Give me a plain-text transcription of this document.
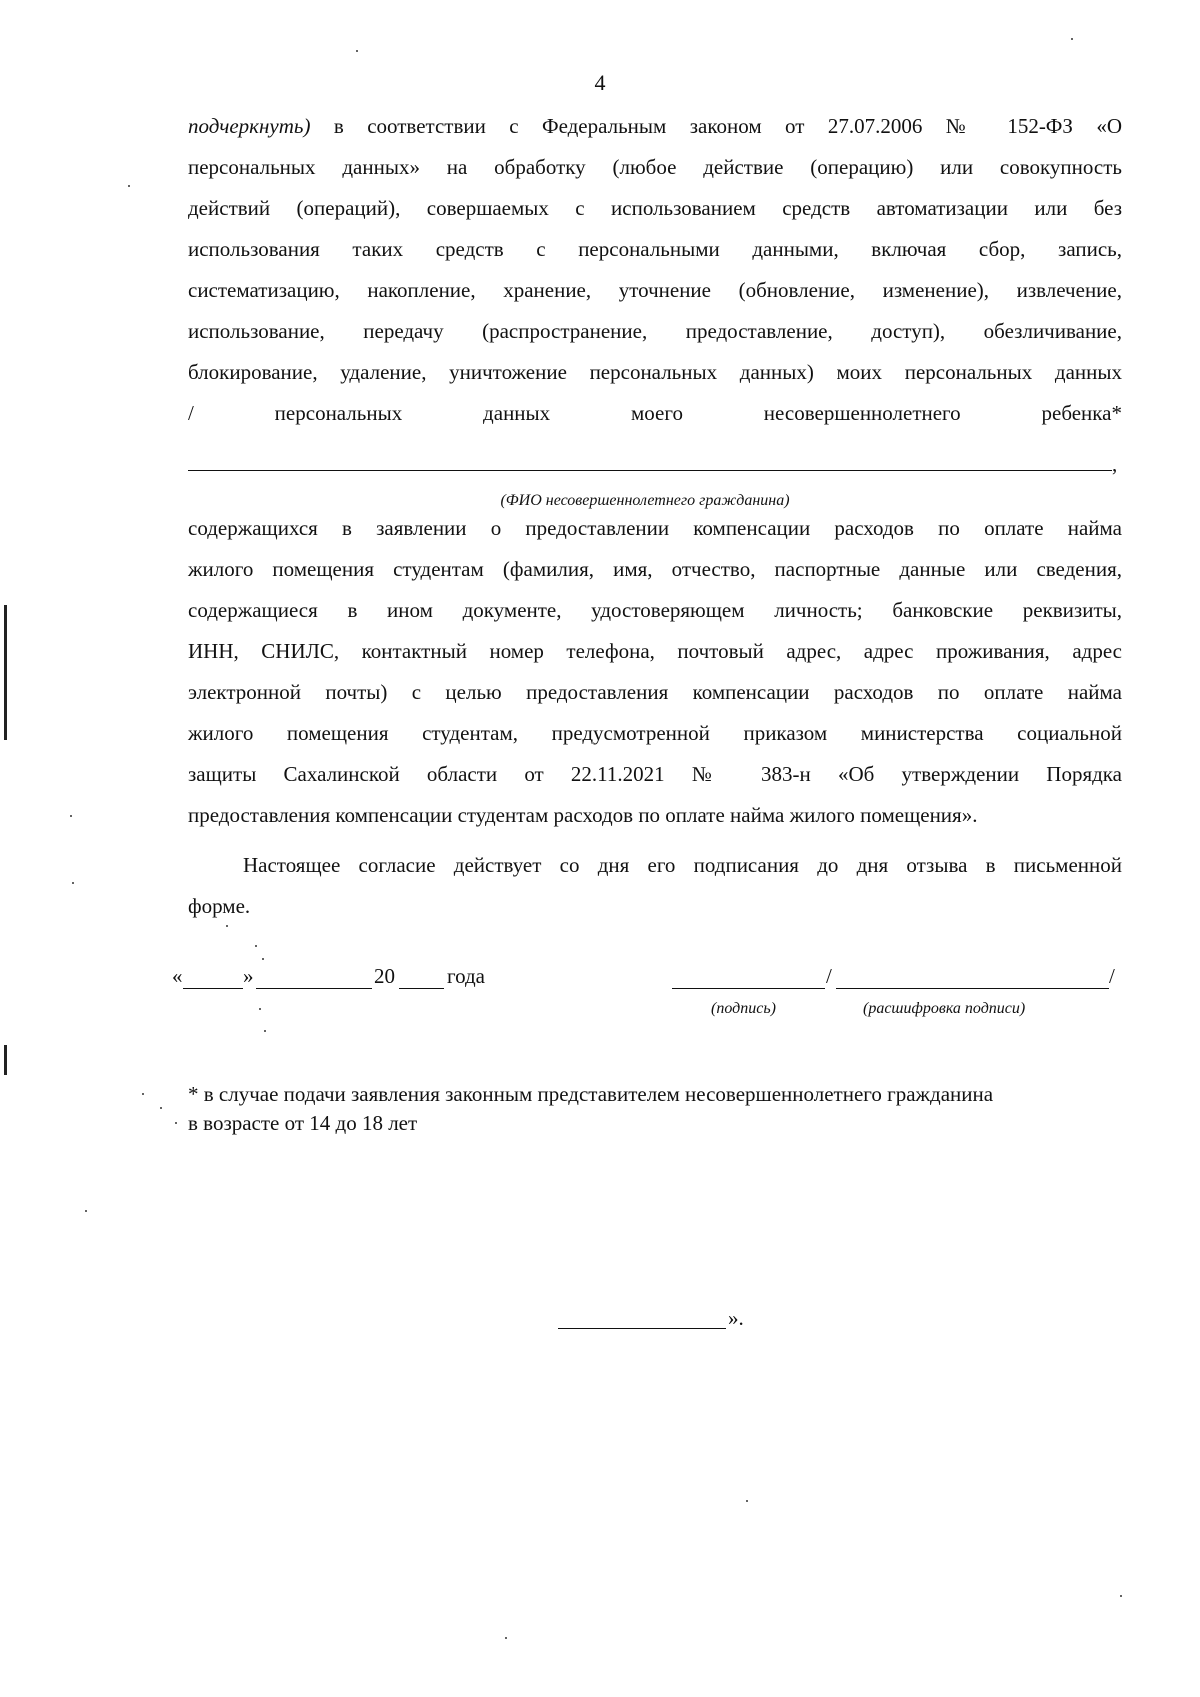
4
подчеркнуть) в соответствии с Федеральным законом от 27.07.2006 № 152-ФЗ «О
персональных данных» на обработку (любое действие (операцию) или совокупность
действий (операций), совершаемых с использованием средств автоматизации или без
использования таких средств с персональными данными, включая сбор, запись,
систематизацию, накопление, хранение, уточнение (обновление, изменение), извлечение,
использование, передачу (распространение, предоставление, доступ), обезличивание,
блокирование, удаление, уничтожение персональных данных) моих персональных данных
/ персональных данных моего несовершеннолетнего ребенка*
,
(ФИО несовершеннолетнего гражданина)
содержащихся в заявлении о предоставлении компенсации расходов по оплате найма
жилого помещения студентам (фамилия, имя, отчество, паспортные данные или сведения,
содержащиеся в ином документе, удостоверяющем личность; банковские реквизиты,
ИНН, СНИЛС, контактный номер телефона, почтовый адрес, адрес проживания, адрес
электронной почты) с целью предоставления компенсации расходов по оплате найма
жилого помещения студентам, предусмотренной приказом министерства социальной
защиты Сахалинской области от 22.11.2021 № 383-н «Об утверждении Порядка
предоставления компенсации студентам расходов по оплате найма жилого помещения».
Настоящее согласие действует со дня его подписания до дня отзыва в письменной
форме.
«	»	20 года	/	/
(подпись)	(расшифровка подписи)
* в случае подачи заявления законным представителем несовершеннолетнего гражданина
в возрасте от 14 до 18 лет
».
